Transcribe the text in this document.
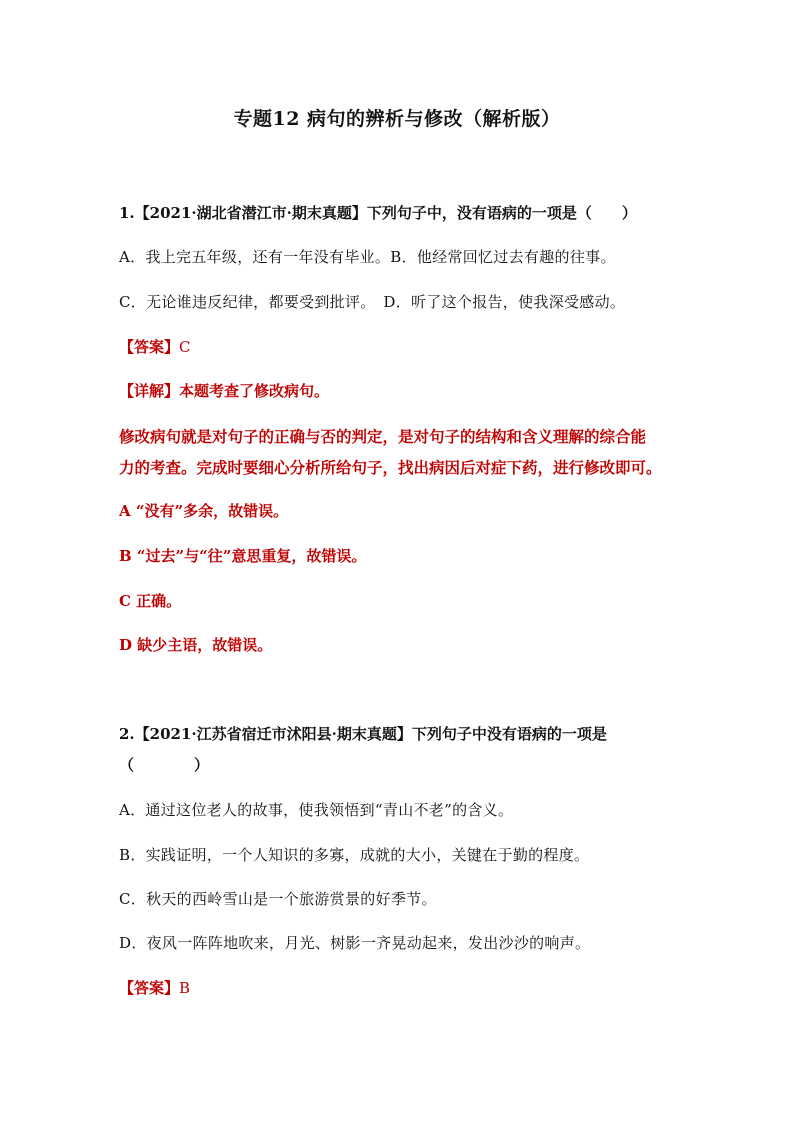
专题12 病句的辨析与修改（解析版）
1.【2021·湖北省潜江市·期末真题】下列句子中，没有语病的一项是（　　）
A．我上完五年级，还有一年没有毕业。B．他经常回忆过去有趣的往事。
C．无论谁违反纪律，都要受到批评。　D．听了这个报告，使我深受感动。
【答案】C
【详解】本题考查了修改病句。
修改病句就是对句子的正确与否的判定，是对句子的结构和含义理解的综合能
力的考查。完成时要细心分析所给句子，找出病因后对症下药，进行修改即可。
A “没有”多余，故错误。
B “过去”与“往”意思重复，故错误。
C 正确。
D 缺少主语，故错误。
2.【2021·江苏省宿迁市沭阳县·期末真题】下列句子中没有语病的一项是
（　　　　）
A．通过这位老人的故事，使我领悟到“青山不老”的含义。
B．实践证明，一个人知识的多寡，成就的大小，关键在于勤的程度。
C．秋天的西岭雪山是一个旅游赏景的好季节。
D．夜风一阵阵地吹来，月光、树影一齐晃动起来，发出沙沙的响声。
【答案】B
